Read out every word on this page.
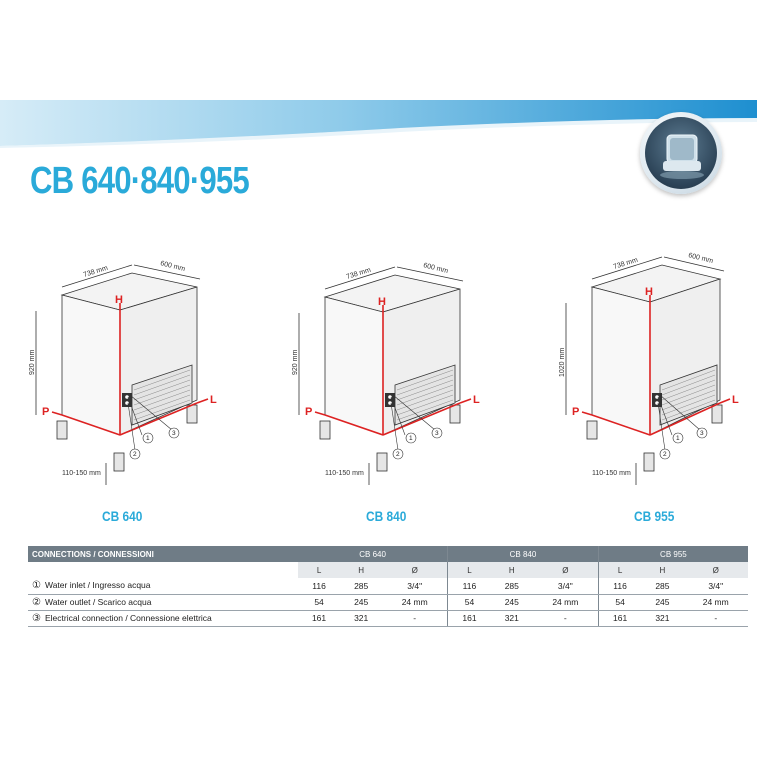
CB 640·840·955
1
2
3
H
P
L
738 mm	600 mm
920 mm
110-150 mm
CB 640
1
2
3
H
P
L
738 mm	600 mm
920 mm
110-150 mm
CB 840
1
2
3
H
P
L
738 mm	600 mm
1020 mm
110-150 mm
CB 955
CONNECTIONS / CONNESSIONI	CB 640			CB 840			CB 955		
	L	H	Ø	L	H	Ø	L	H	Ø
① Water inlet / Ingresso acqua	116	285	3/4"	116	285	3/4"	116	285	3/4"
② Water outlet / Scarico acqua	54	245	24 mm	54	245	24 mm	54	245	24 mm
③ Electrical connection / Connessione elettrica	161	321	-	161	321	-	161	321	-
